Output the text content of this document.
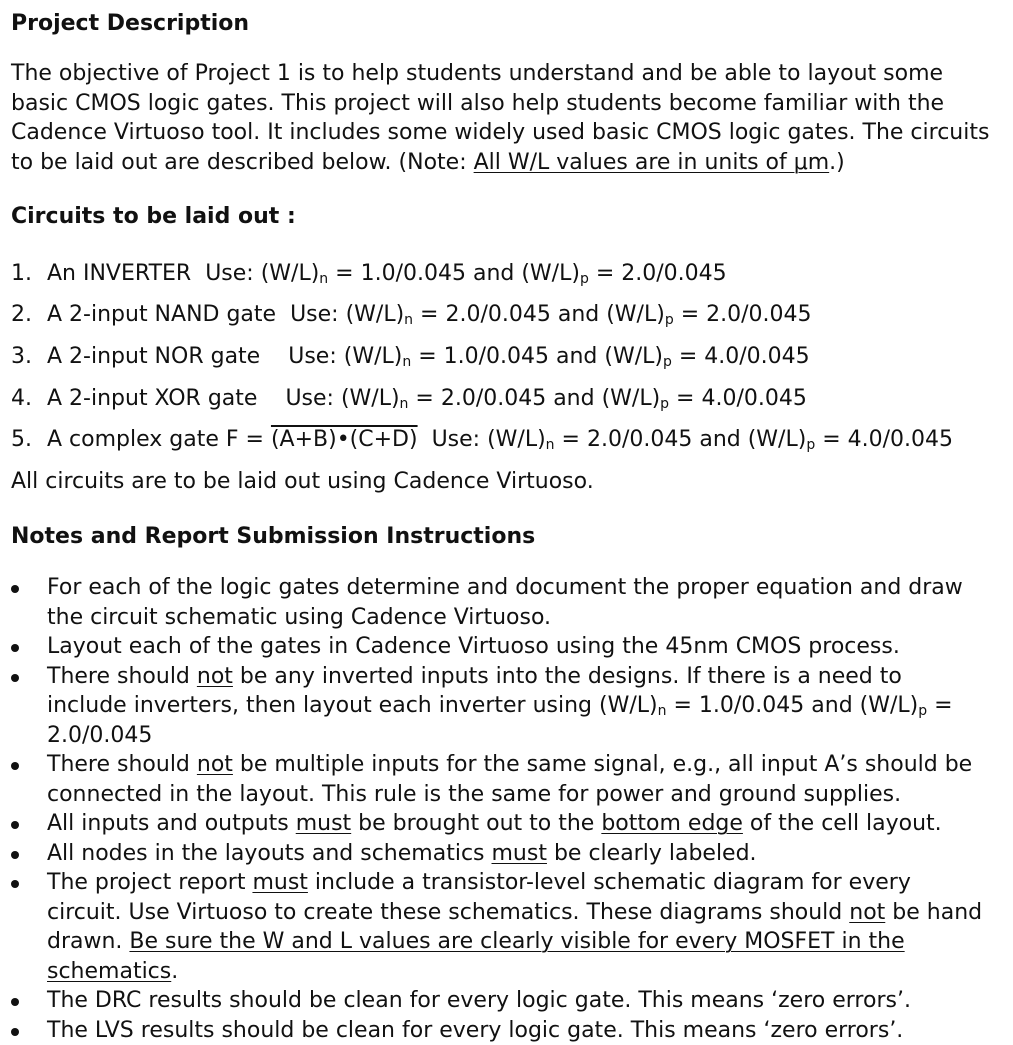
Project Description

The objective of Project 1 is to help students understand and be able to layout some basic CMOS logic gates. This project will also help students become familiar with the Cadence Virtuoso tool. It includes some widely used basic CMOS logic gates. The circuits to be laid out are described below. (Note: All W/L values are in units of μm.)

Circuits to be laid out :
1. An INVERTER Use: $(W/L)_n = 1.0/0.045$ and $(W/L)_p = 2.0/0.045$
2. A 2-input NAND gate Use: $(W/L)_n = 2.0/0.045$ and $(W/L)_p = 2.0/0.045$
3. A 2-input NOR gate Use: $(W/L)_n = 1.0/0.045$ and $(W/L)_p = 4.0/0.045$
4. A 2-input XOR gate Use: $(W/L)_n = 2.0/0.045$ and $(W/L)_p = 4.0/0.045$
5. A complex gate F = (A+B)•(C+D) Use: $(W/L)_n = 2.0/0.045$ and $(W/L)_p = 4.0/0.045$
All circuits are to be laid out using Cadence Virtuoso.
Notes and Report Submission Instructions
For each of the logic gates determine and document the proper equation and draw the circuit schematic using Cadence Virtuoso.
Layout each of the gates in Cadence Virtuoso using the 45nm CMOS process.
There should not be any inverted inputs into the designs. If there is a need to include inverters, then layout each inverter using $(W/L)_n = 1.0/0.045$ and $(W/L)_p = 2.0/0.045$
There should not be multiple inputs for the same signal, e.g., all input A’s should be connected in the layout. This rule is the same for power and ground supplies.
All inputs and outputs must be brought out to the bottom edge of the cell layout.
All nodes in the layouts and schematics must be clearly labeled.
The project report must include a transistor-level schematic diagram for every circuit. Use Virtuoso to create these schematics. These diagrams should not be hand drawn. Be sure the W and L values are clearly visible for every MOSFET in the schematics.
The DRC results should be clean for every logic gate. This means ‘zero errors’.
The LVS results should be clean for every logic gate. This means ‘zero errors’.
